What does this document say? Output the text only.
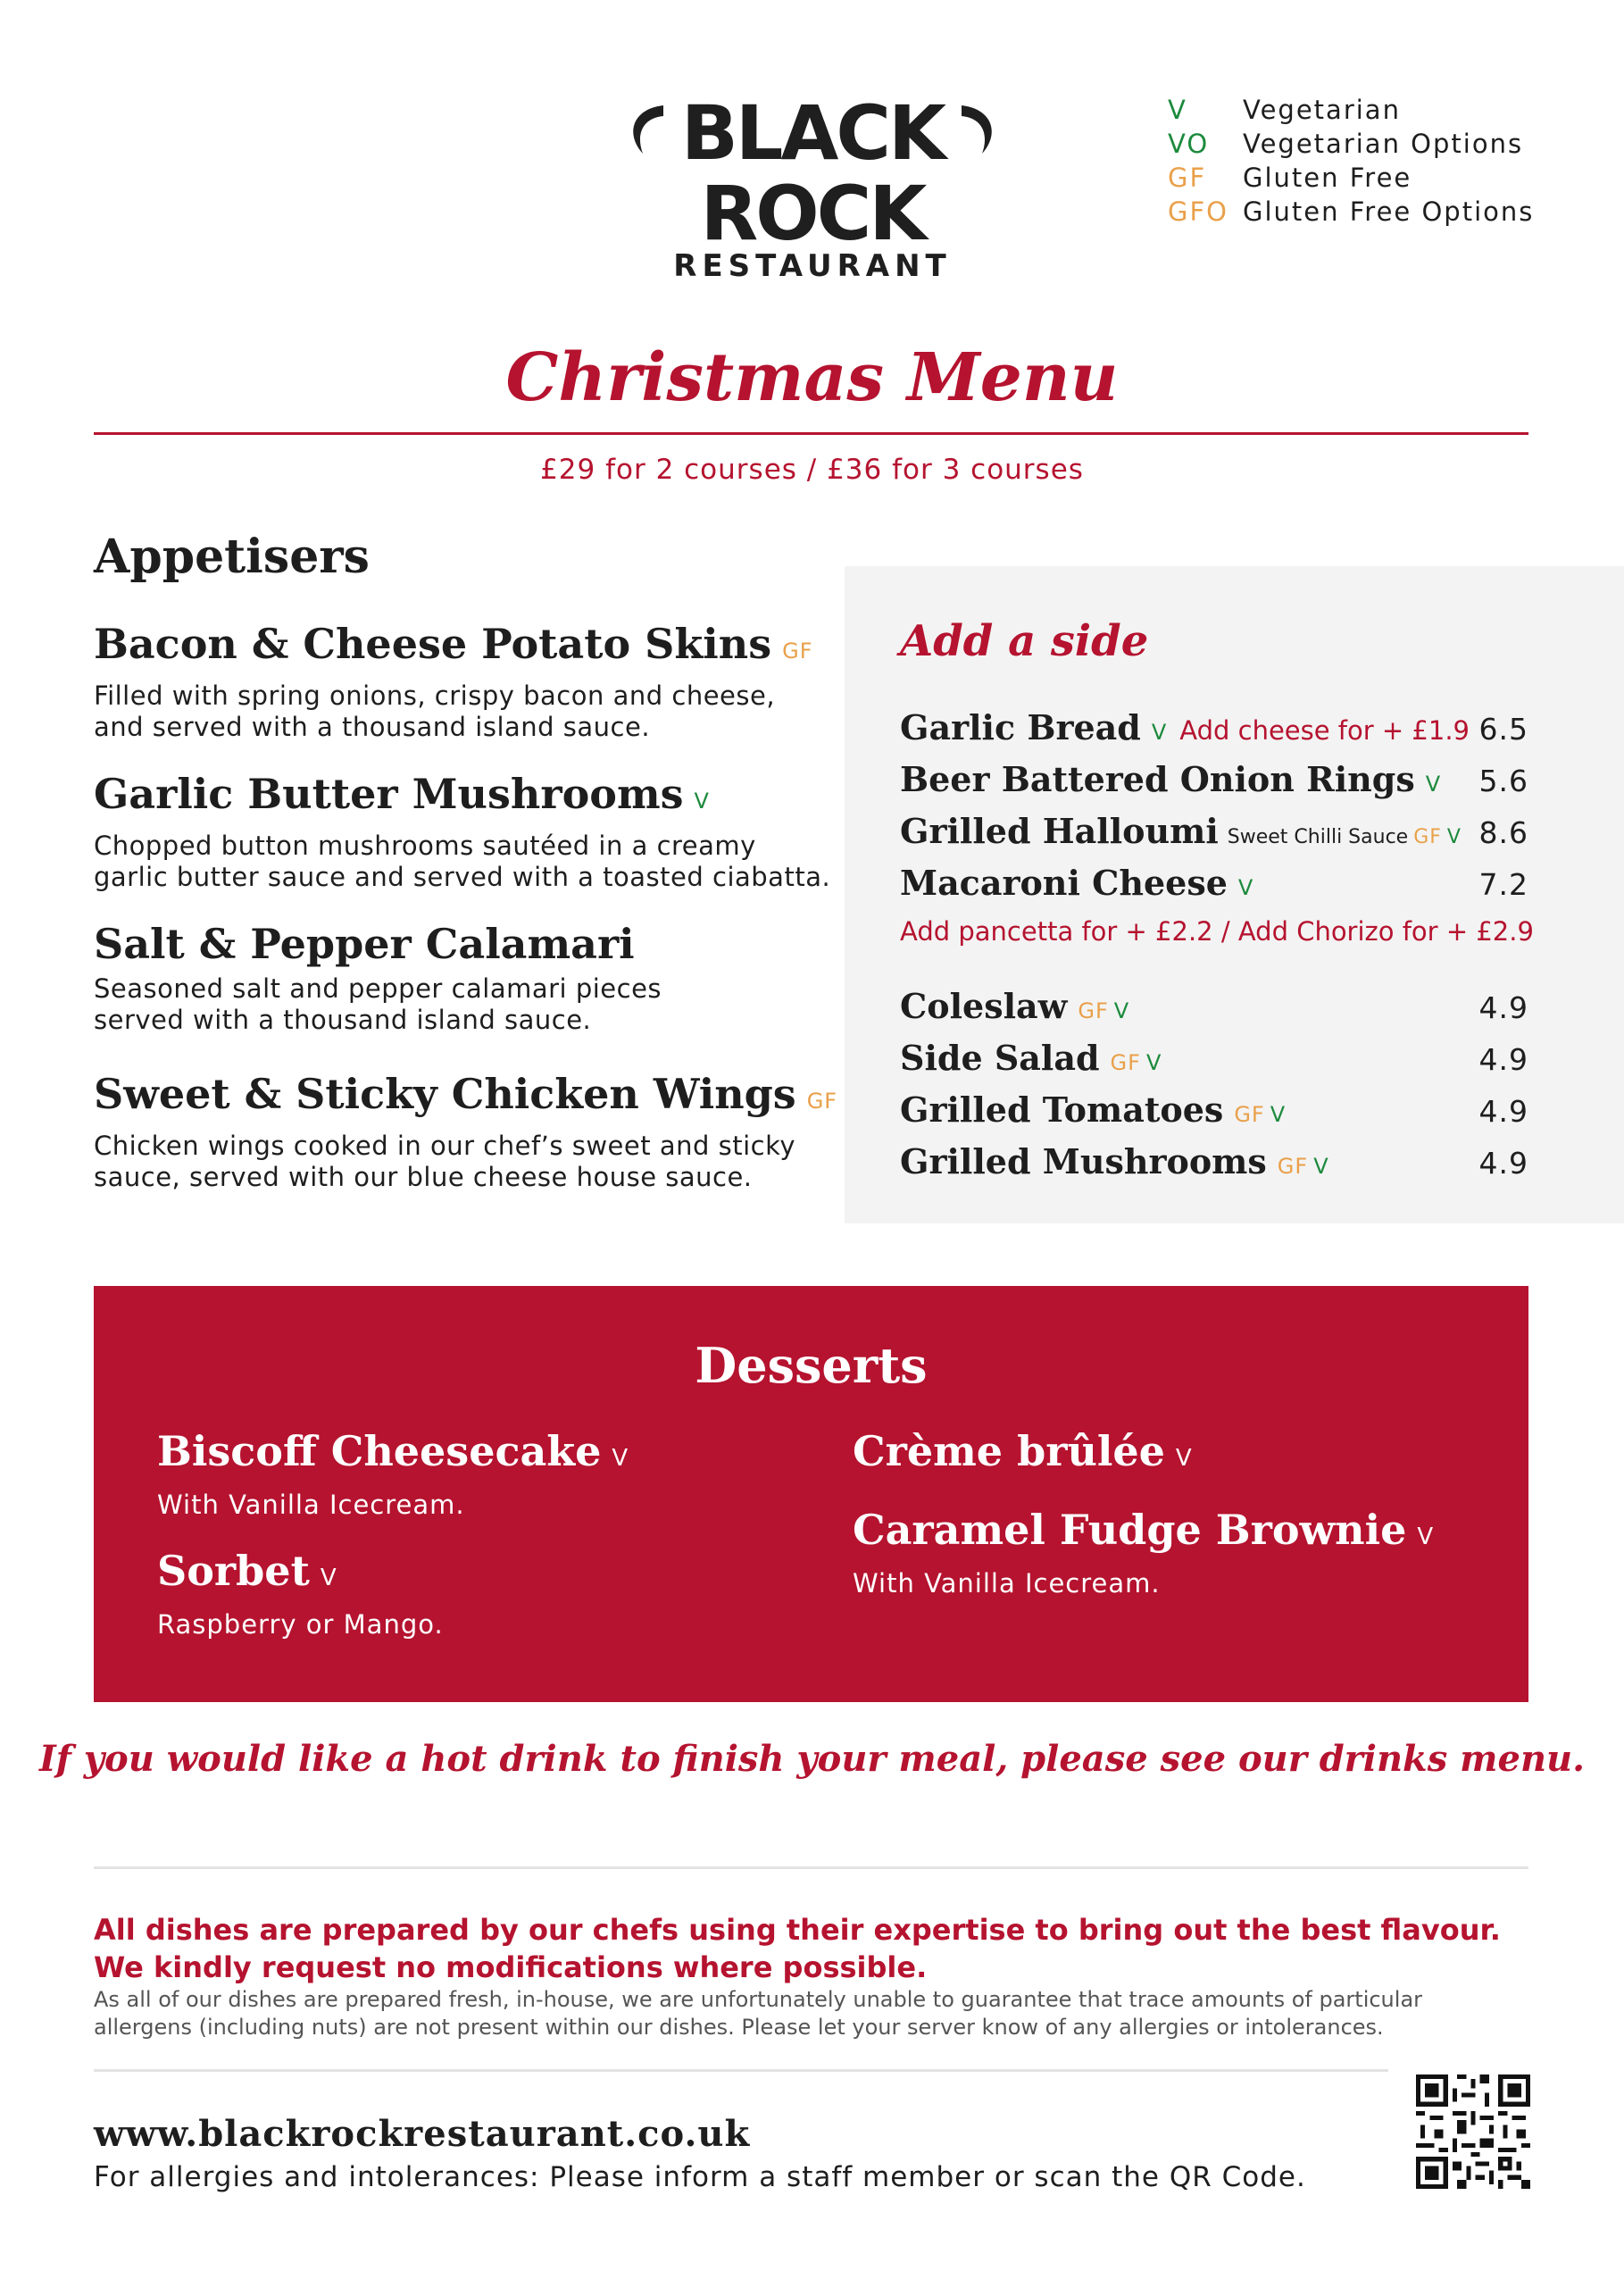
BLACK
ROCK
RESTAURANT
V	Vegetarian
VO	Vegetarian Options
GF	Gluten Free
GFO Gluten Free Options
Christmas Menu
£29 for 2 courses / £36 for 3 courses
Appetisers
Bacon & Cheese Potato Skins GF
Filled with spring onions, crispy bacon and cheese,
and served with a thousand island sauce.
Garlic Butter Mushrooms V
Chopped button mushrooms sautéed in a creamy
garlic butter sauce and served with a toasted ciabatta.
Salt & Pepper Calamari
Seasoned salt and pepper calamari pieces
served with a thousand island sauce.
Sweet & Sticky Chicken Wings GF
Chicken wings cooked in our chef’s sweet and sticky
sauce, served with our blue cheese house sauce.
Add a side
Garlic Bread V Add cheese for + £1.9 6.5
Beer Battered Onion Rings V 5.6
Grilled Halloumi Sweet Chilli Sauce GF V 8.6
Macaroni Cheese V	7.2
Add pancetta for + £2.2 / Add Chorizo for + £2.9
Coleslaw GF V	4.9
Side Salad GF V	4.9
Grilled Tomatoes GF V	4.9
Grilled Mushrooms GF V	4.9
Desserts
Biscoff Cheesecake V
With Vanilla Icecream.
Sorbet V
Raspberry or Mango.
Crème brûlée V
Caramel Fudge Brownie V
With Vanilla Icecream.
If you would like a hot drink to finish your meal, please see our drinks menu.
All dishes are prepared by our chefs using their expertise to bring out the best flavour.
We kindly request no modifications where possible.
As all of our dishes are prepared fresh, in-house, we are unfortunately unable to guarantee that trace amounts of particular
allergens (including nuts) are not present within our dishes. Please let your server know of any allergies or intolerances.
www.blackrockrestaurant.co.uk
For allergies and intolerances: Please inform a staff member or scan the QR Code.
